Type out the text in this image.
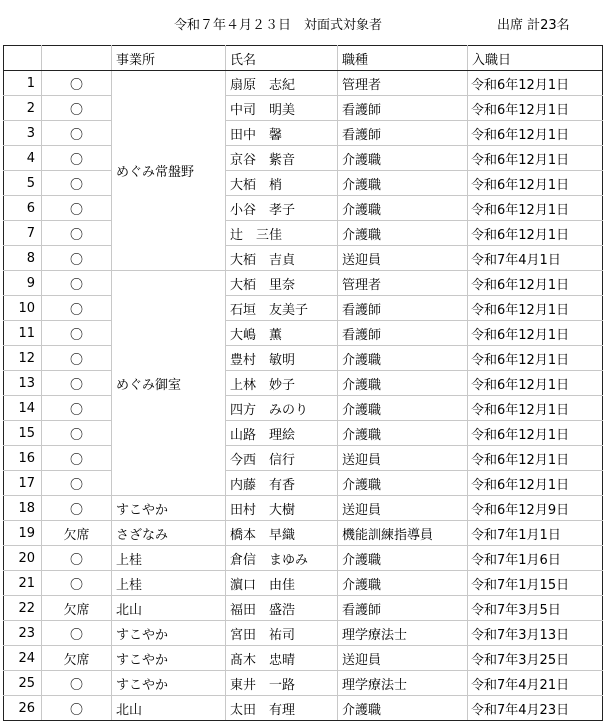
令和７年４月２３日　対面式対象者	出席 計23名
		事業所	氏名	職種	入職日
1	〇	めぐみ常盤野	扇原　志紀	管理者	令和6年12月1日
2	〇		中司　明美	看護師	令和6年12月1日
3	〇		田中　馨	看護師	令和6年12月1日
4	〇		京谷　紫音	介護職	令和6年12月1日
5	〇		大栢　梢	介護職	令和6年12月1日
6	〇		小谷　孝子	介護職	令和6年12月1日
7	〇		辻　三佳	介護職	令和6年12月1日
8	〇		大栢　吉貞	送迎員	令和7年4月1日
9	〇	めぐみ御室	大栢　里奈	管理者	令和6年12月1日
10	〇		石垣　友美子	看護師	令和6年12月1日
11	〇		大嶋　薫	看護師	令和6年12月1日
12	〇		豊村　敏明	介護職	令和6年12月1日
13	〇		上林　妙子	介護職	令和6年12月1日
14	〇		四方　みのり	介護職	令和6年12月1日
15	〇		山路　理絵	介護職	令和6年12月1日
16	〇		今西　信行	送迎員	令和6年12月1日
17	〇		内藤　有香	介護職	令和6年12月1日
18	〇	すこやか	田村　大樹	送迎員	令和6年12月9日
19	欠席	さざなみ	橋本　早織	機能訓練指導員	令和7年1月1日
20	〇	上桂	倉信　まゆみ	介護職	令和7年1月6日
21	〇	上桂	濵口　由佳	介護職	令和7年1月15日
22	欠席	北山	福田　盛浩	看護師	令和7年3月5日
23	〇	すこやか	宮田　祐司	理学療法士	令和7年3月13日
24	欠席	すこやか	髙木　忠晴	送迎員	令和7年3月25日
25	〇	すこやか	東井　一路	理学療法士	令和7年4月21日
26	〇	北山	太田　有理	介護職	令和7年4月23日
